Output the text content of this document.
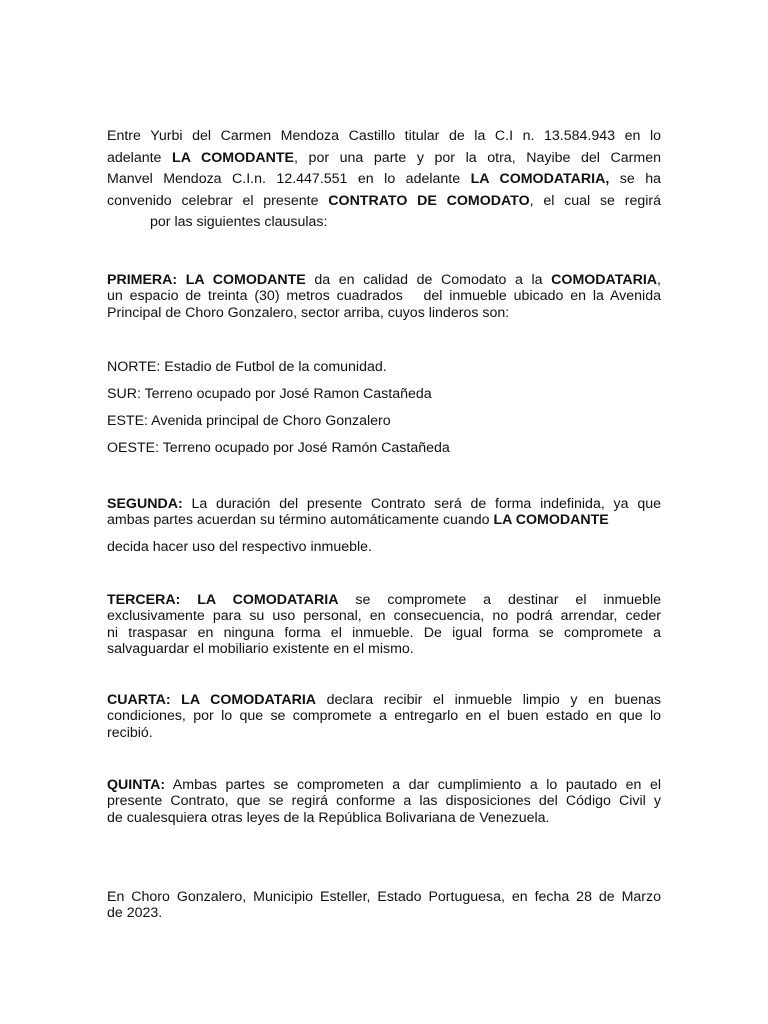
Entre Yurbi del Carmen Mendoza Castillo titular de la C.I n. 13.584.943 en lo
adelante LA COMODANTE, por una parte y por la otra, Nayibe del Carmen
Manvel Mendoza C.I.n. 12.447.551 en lo adelante LA COMODATARIA, se ha
convenido celebrar el presente CONTRATO DE COMODATO, el cual se regirá
por las siguientes clausulas:
PRIMERA: LA COMODANTE da en calidad de Comodato a la COMODATARIA,
un espacio de treinta (30) metros cuadrados   del inmueble ubicado en la Avenida
Principal de Choro Gonzalero, sector arriba, cuyos linderos son:
NORTE: Estadio de Futbol de la comunidad.
SUR: Terreno ocupado por José Ramon Castañeda
ESTE: Avenida principal de Choro Gonzalero
OESTE: Terreno ocupado por José Ramón Castañeda
SEGUNDA: La duración del presente Contrato será de forma indefinida, ya que
ambas partes acuerdan su término automáticamente cuando LA COMODANTE
decida hacer uso del respectivo inmueble.
TERCERA: LA COMODATARIA se compromete a destinar el inmueble
exclusivamente para su uso personal, en consecuencia, no podrá arrendar, ceder
ni traspasar en ninguna forma el inmueble. De igual forma se compromete a
salvaguardar el mobiliario existente en el mismo.
CUARTA: LA COMODATARIA declara recibir el inmueble limpio y en buenas
condiciones, por lo que se compromete a entregarlo en el buen estado en que lo
recibió.
QUINTA: Ambas partes se comprometen a dar cumplimiento a lo pautado en el
presente Contrato, que se regirá conforme a las disposiciones del Código Civil y
de cualesquiera otras leyes de la República Bolivariana de Venezuela.
En Choro Gonzalero, Municipio Esteller, Estado Portuguesa, en fecha 28 de Marzo
de 2023.
